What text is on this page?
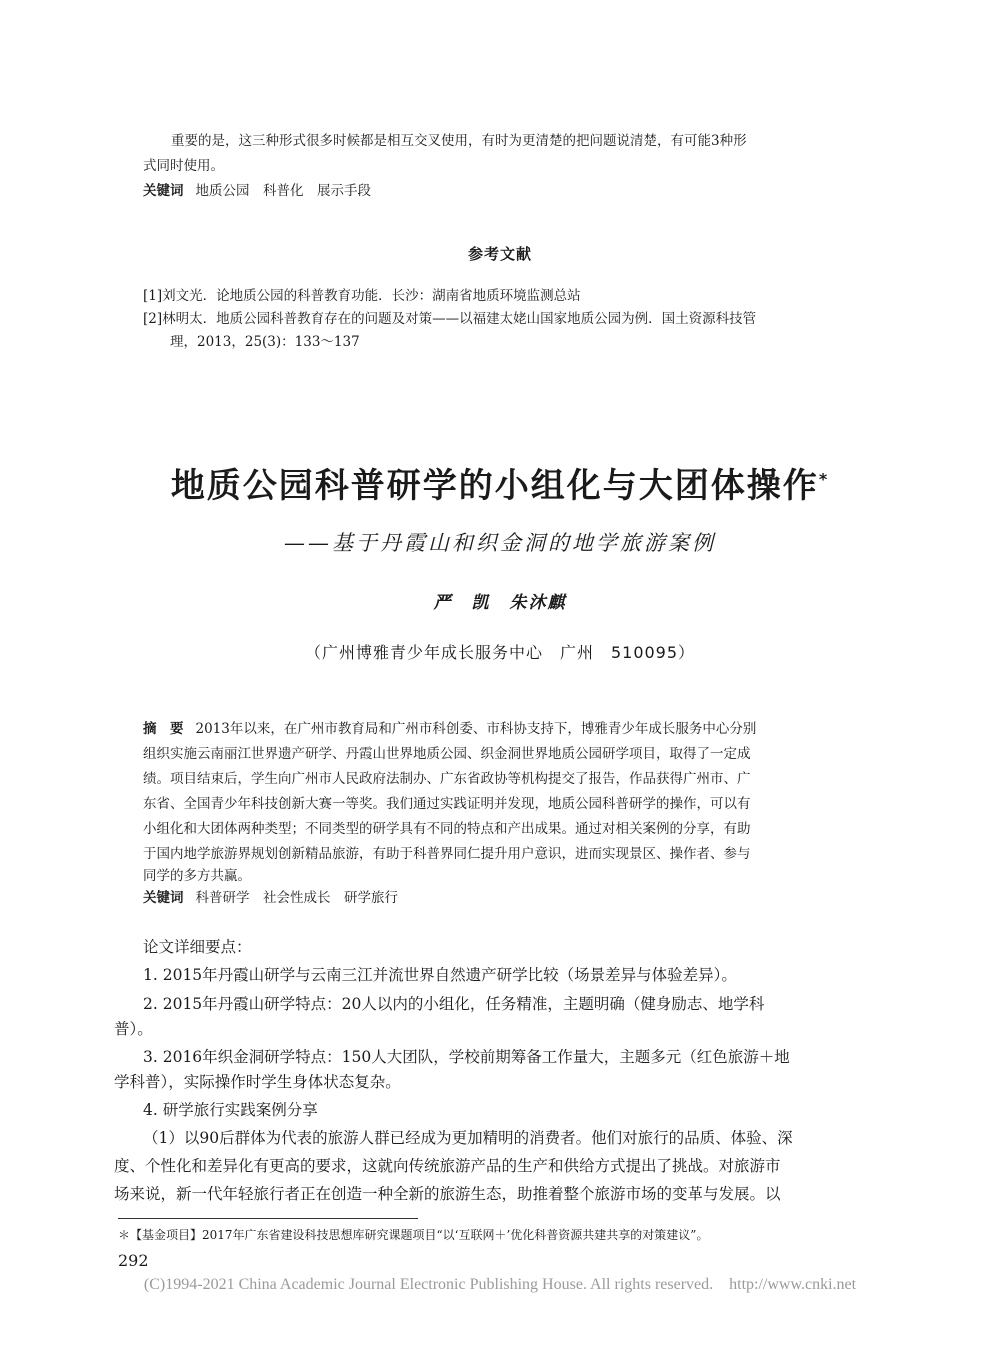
重要的是，这三种形式很多时候都是相互交叉使用，有时为更清楚的把问题说清楚，有可能3种形
式同时使用。
关键词 地质公园　科普化　展示手段
参考文献
[1]刘文光．论地质公园的科普教育功能．长沙：湖南省地质环境监测总站
[2]林明太．地质公园科普教育存在的问题及对策——以福建太姥山国家地质公园为例．国土资源科技管
理，2013，25(3)：133～137
地质公园科普研学的小组化与大团体操作*
——基于丹霞山和织金洞的地学旅游案例
严　凯　朱沐麒
（广州博雅青少年成长服务中心　广州　510095）
摘　要 2013年以来，在广州市教育局和广州市科创委、市科协支持下，博雅青少年成长服务中心分别
组织实施云南丽江世界遗产研学、丹霞山世界地质公园、织金洞世界地质公园研学项目，取得了一定成
绩。项目结束后，学生向广州市人民政府法制办、广东省政协等机构提交了报告，作品获得广州市、广
东省、全国青少年科技创新大赛一等奖。我们通过实践证明并发现，地质公园科普研学的操作，可以有
小组化和大团体两种类型；不同类型的研学具有不同的特点和产出成果。通过对相关案例的分享，有助
于国内地学旅游界规划创新精品旅游，有助于科普界同仁提升用户意识，进而实现景区、操作者、参与
同学的多方共赢。
关键词 科普研学　社会性成长　研学旅行
论文详细要点：
1. 2015年丹霞山研学与云南三江并流世界自然遗产研学比较（场景差异与体验差异）。
2. 2015年丹霞山研学特点：20人以内的小组化，任务精准，主题明确（健身励志、地学科
普）。
3. 2016年织金洞研学特点：150人大团队，学校前期筹备工作量大，主题多元（红色旅游＋地
学科普），实际操作时学生身体状态复杂。
4. 研学旅行实践案例分享
（1）以90后群体为代表的旅游人群已经成为更加精明的消费者。他们对旅行的品质、体验、深
度、个性化和差异化有更高的要求，这就向传统旅游产品的生产和供给方式提出了挑战。对旅游市
场来说，新一代年轻旅行者正在创造一种全新的旅游生态，助推着整个旅游市场的变革与发展。以
＊【基金项目】2017年广东省建设科技思想库研究课题项目“以‘互联网＋’优化科普资源共建共享的对策建议”。
292
(C)1994-2021 China Academic Journal Electronic Publishing House. All rights reserved.　http://www.cnki.net
